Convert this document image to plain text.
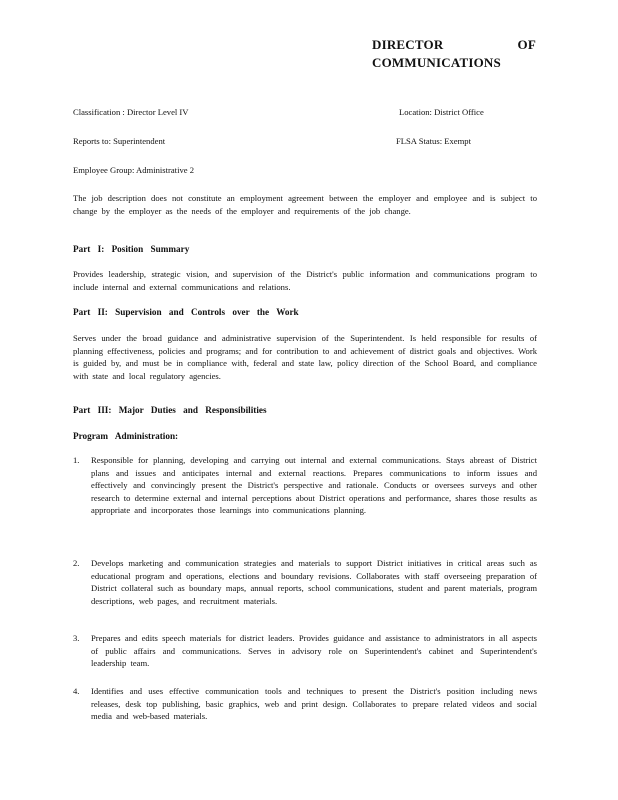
DIRECTOR OF
COMMUNICATIONS
Classification : Director Level IV	Location: District Office
Reports to: Superintendent	FLSA Status: Exempt
Employee Group: Administrative 2
The job description does not constitute an employment agreement between the employer and employee and is subject to change by the employer as the needs of the employer and requirements of the job change.
Part I: Position Summary
Provides leadership, strategic vision, and supervision of the District's public information and communications program to include internal and external communications and relations.
Part II: Supervision and Controls over the Work
Serves under the broad guidance and administrative supervision of the Superintendent. Is held responsible for results of planning effectiveness, policies and programs; and for contribution to and achievement of district goals and objectives. Work is guided by, and must be in compliance with, federal and state law, policy direction of the School Board, and compliance with state and local regulatory agencies.
Part III: Major Duties and Responsibilities
Program Administration:
1. Responsible for planning, developing and carrying out internal and external communications. Stays abreast of District plans and issues and anticipates internal and external reactions. Prepares communications to inform issues and effectively and convincingly present the District's perspective and rationale. Conducts or oversees surveys and other research to determine external and internal perceptions about District operations and performance, shares those results as appropriate and incorporates those learnings into communications planning.
2. Develops marketing and communication strategies and materials to support District initiatives in critical areas such as educational program and operations, elections and boundary revisions. Collaborates with staff overseeing preparation of District collateral such as boundary maps, annual reports, school communications, student and parent materials, program descriptions, web pages, and recruitment materials.
3. Prepares and edits speech materials for district leaders. Provides guidance and assistance to administrators in all aspects of public affairs and communications. Serves in advisory role on Superintendent's cabinet and Superintendent's leadership team.
4. Identifies and uses effective communication tools and techniques to present the District's position including news releases, desk top publishing, basic graphics, web and print design. Collaborates to prepare related videos and social media and web-based materials.
